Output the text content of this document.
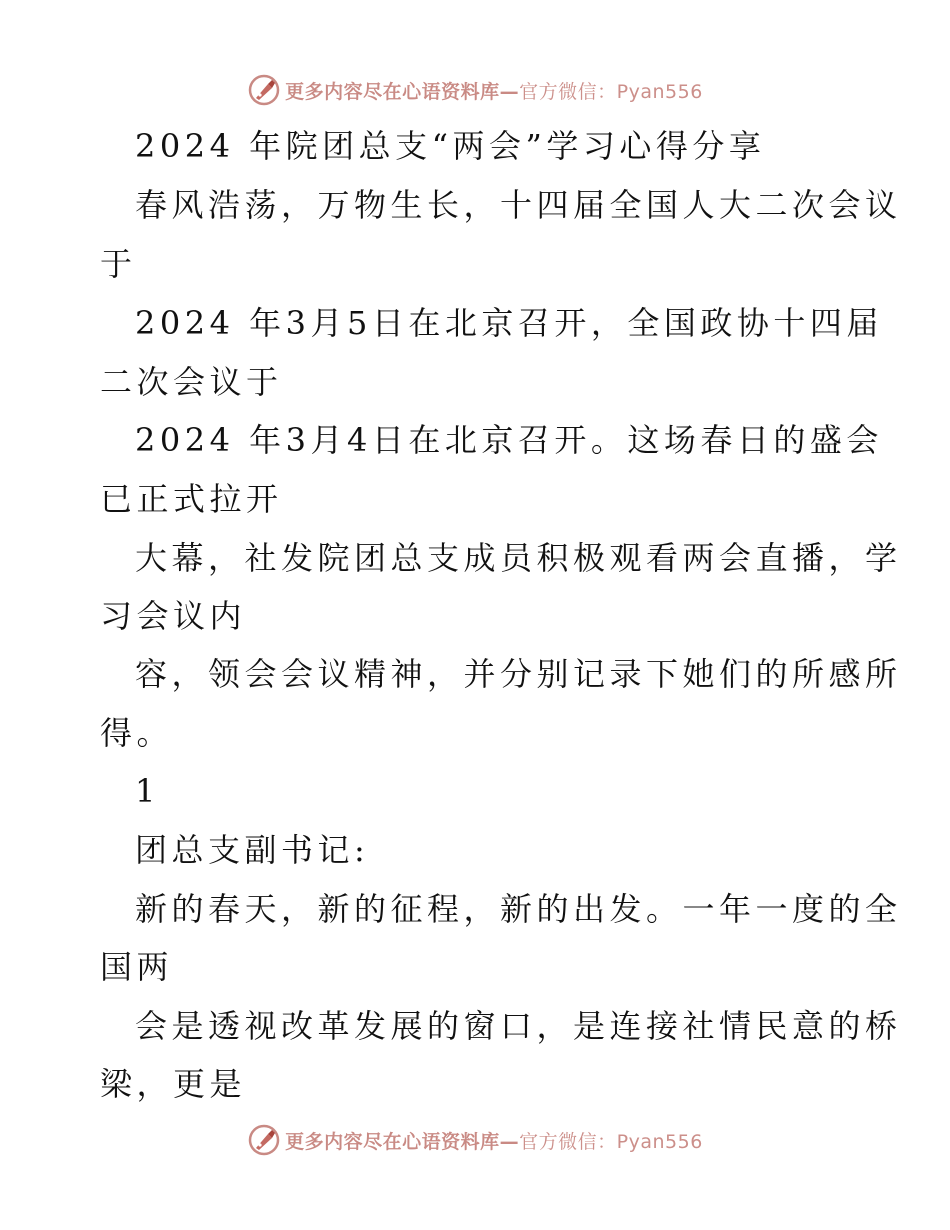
更多内容尽在心语资料库—官方微信：Pyan556
2024 年院团总支“两会”学习心得分享
春风浩荡，万物生长，十四届全国人大二次会议
于
2024 年3月5日在北京召开，全国政协十四届
二次会议于
2024 年3月4日在北京召开。这场春日的盛会
已正式拉开
大幕，社发院团总支成员积极观看两会直播，学
习会议内
容，领会会议精神，并分别记录下她们的所感所
得。
1
团总支副书记:
新的春天，新的征程，新的出发。一年一度的全
国两
会是透视改革发展的窗口，是连接社情民意的桥
梁，更是
更多内容尽在心语资料库—官方微信：Pyan556
